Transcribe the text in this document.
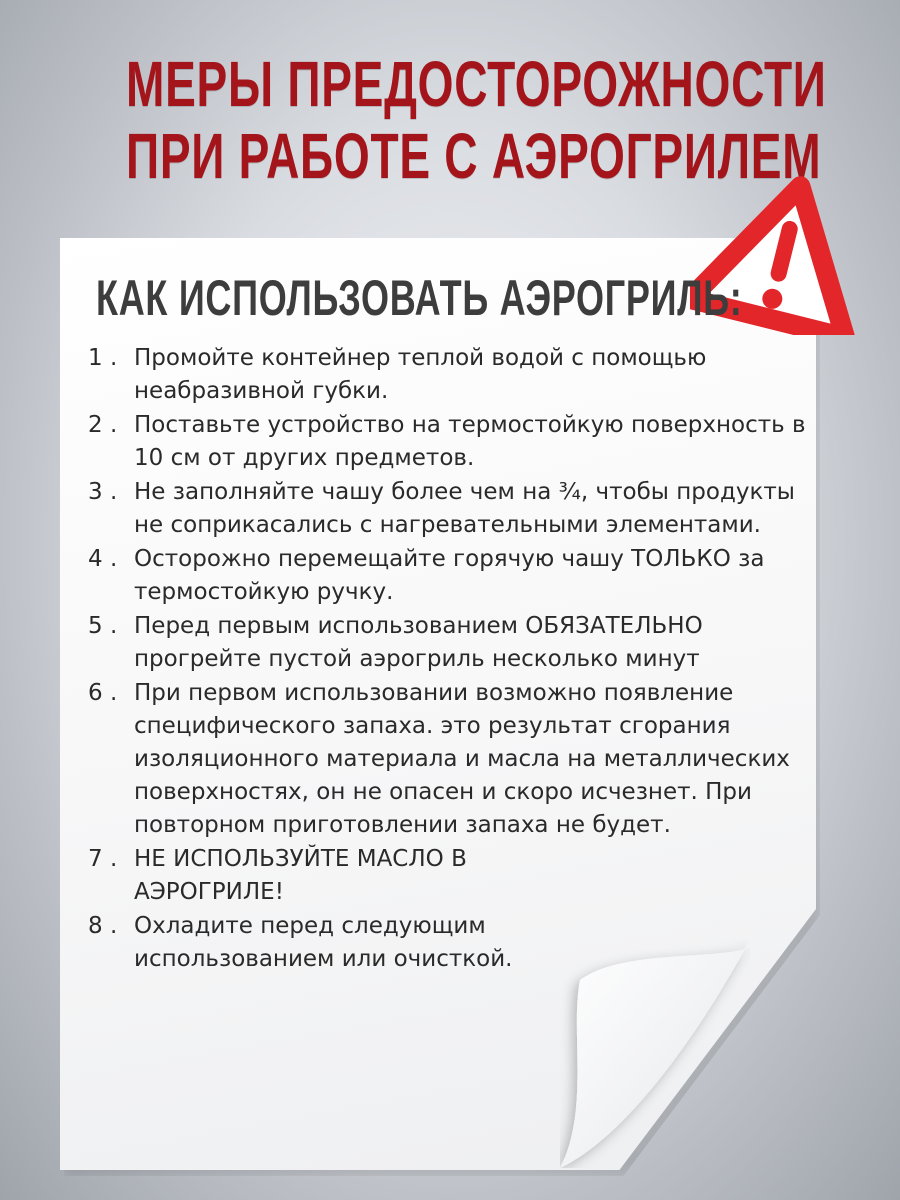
МЕРЫ ПРЕДОСТОРОЖНОСТИ
ПРИ РАБОТЕ С АЭРОГРИЛЕМ
КАК ИСПОЛЬЗОВАТЬ АЭРОГРИЛЬ:
1 . Промойте контейнер теплой водой с помощью неабразивной губки.
2 . Поставьте устройство на термостойкую поверхность в 10 см от других предметов.
3 . Не заполняйте чашу более чем на ¾, чтобы продукты не соприкасались с нагревательными элементами.
4 . Осторожно перемещайте горячую чашу ТОЛЬКО за термостойкую ручку.
5 . Перед первым использованием ОБЯЗАТЕЛЬНО прогрейте пустой аэрогриль несколько минут
6 . При первом использовании возможно появление специфического запаха. это результат сгорания изоляционного материала и масла на металлических поверхностях, он не опасен и скоро исчезнет. При повторном приготовлении запаха не будет.
7 . НЕ ИСПОЛЬЗУЙТЕ МАСЛО В АЭРОГРИЛЕ!
8 . Охладите перед следующим использованием или очисткой.
